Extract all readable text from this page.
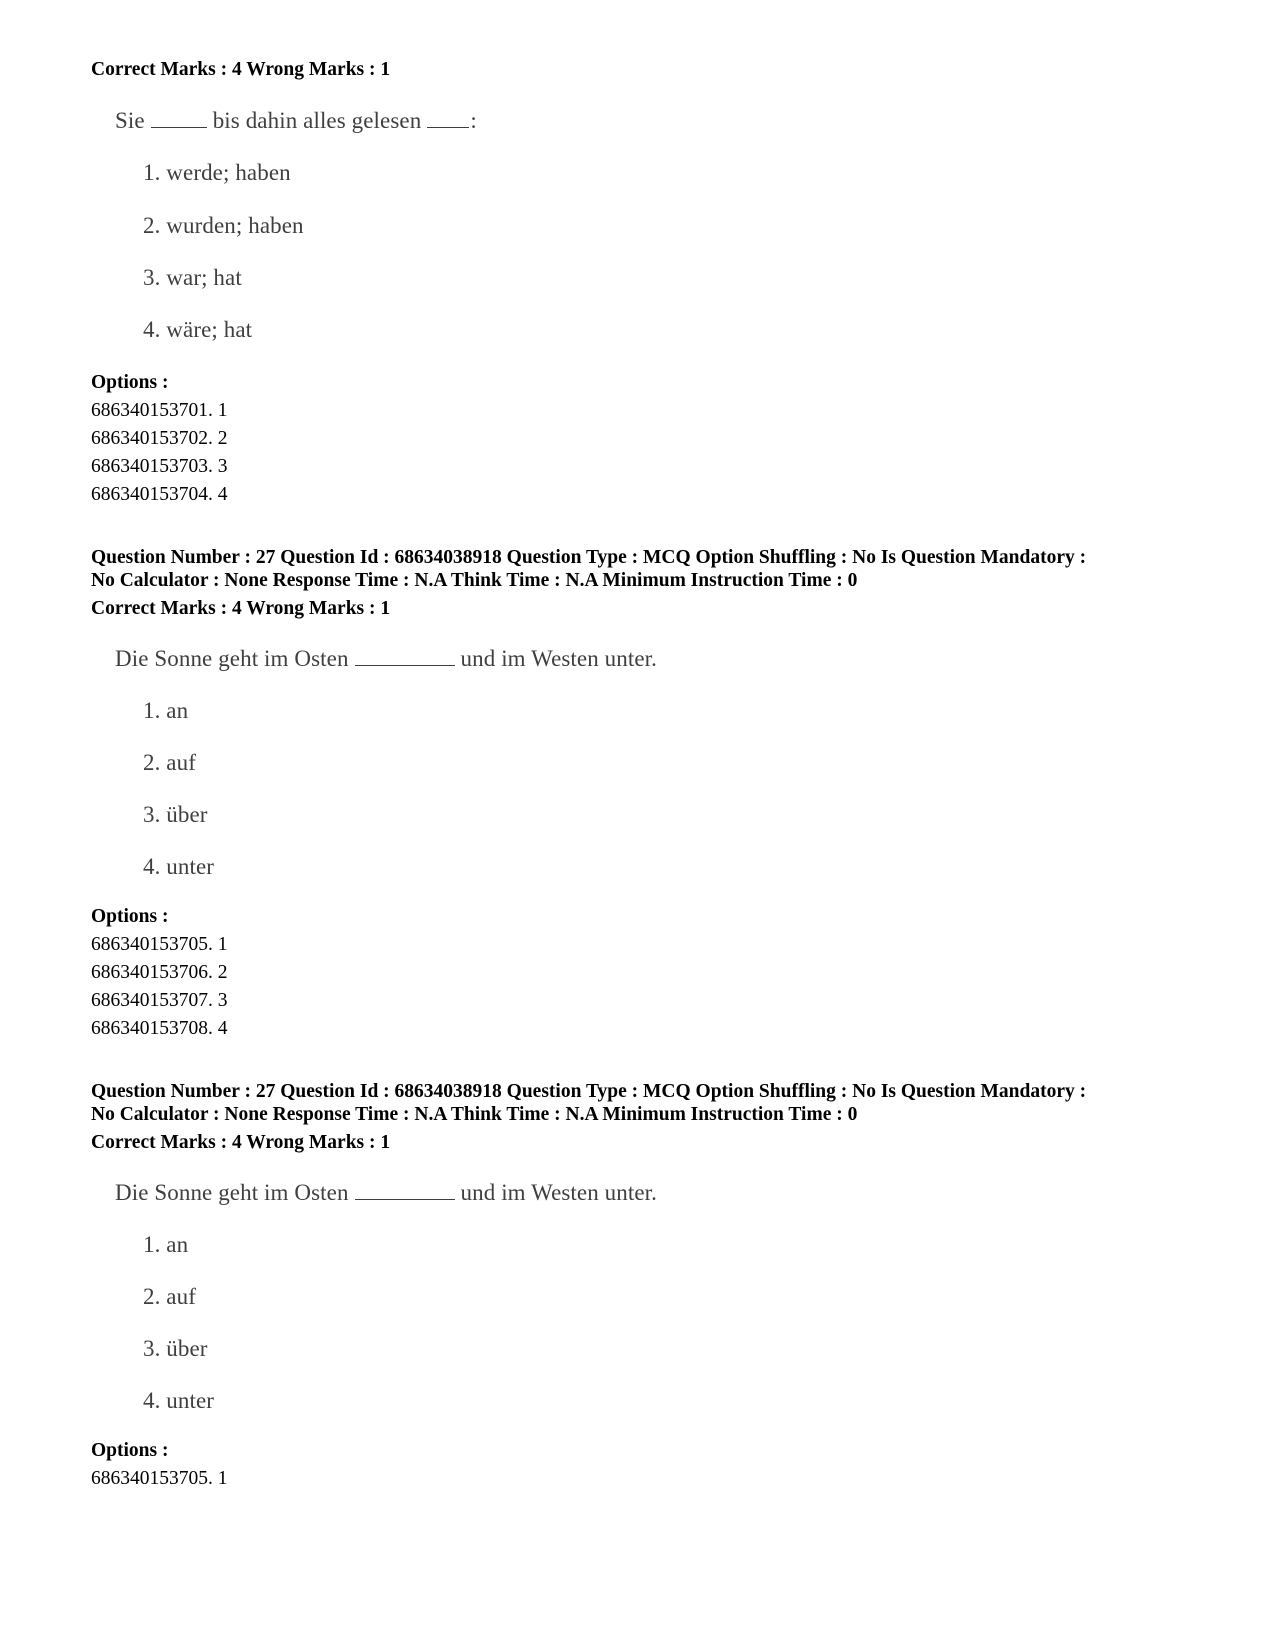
Correct Marks : 4 Wrong Marks : 1
Sie	bis dahin alles gelesen :
1. werde; haben
2. wurden; haben
3. war; hat
4. wäre; hat
Options :
686340153701. 1
686340153702. 2
686340153703. 3
686340153704. 4
Question Number : 27 Question Id : 68634038918 Question Type : MCQ Option Shuffling : No Is Question Mandatory :
No Calculator : None Response Time : N.A Think Time : N.A Minimum Instruction Time : 0
Correct Marks : 4 Wrong Marks : 1
Die Sonne geht im Osten	und im Westen unter.
1. an
2. auf
3. über
4. unter
Options :
686340153705. 1
686340153706. 2
686340153707. 3
686340153708. 4
Question Number : 27 Question Id : 68634038918 Question Type : MCQ Option Shuffling : No Is Question Mandatory :
No Calculator : None Response Time : N.A Think Time : N.A Minimum Instruction Time : 0
Correct Marks : 4 Wrong Marks : 1
Die Sonne geht im Osten	und im Westen unter.
1. an
2. auf
3. über
4. unter
Options :
686340153705. 1
